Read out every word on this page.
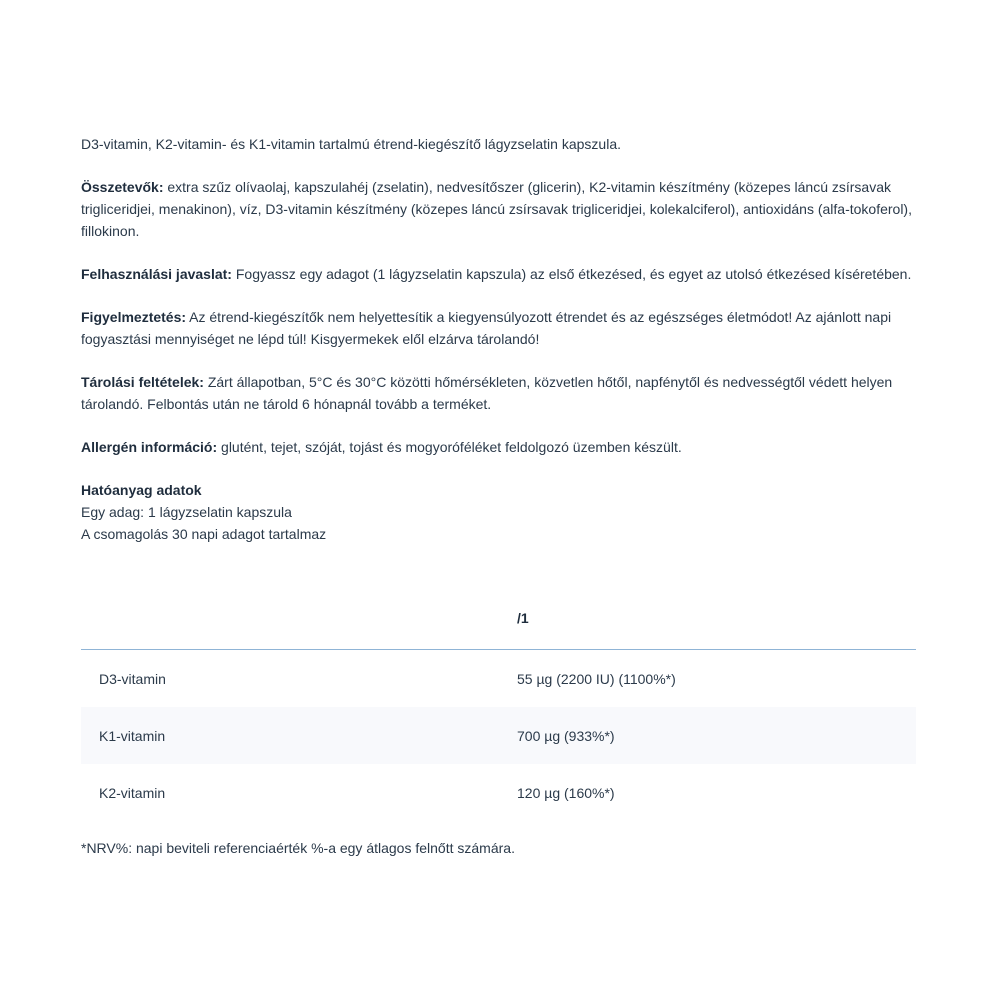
D3-vitamin, K2-vitamin- és K1-vitamin tartalmú étrend-kiegészítő lágyzselatin kapszula.

Összetevők: extra szűz olívaolaj, kapszulahéj (zselatin), nedvesítőszer (glicerin), K2-vitamin készítmény (közepes láncú zsírsavak trigliceridjei, menakinon), víz, D3-vitamin készítmény (közepes láncú zsírsavak trigliceridjei, kolekalciferol), antioxidáns (alfa-tokoferol), fillokinon.

Felhasználási javaslat: Fogyassz egy adagot (1 lágyzselatin kapszula) az első étkezésed, és egyet az utolsó étkezésed kíséretében.

Figyelmeztetés: Az étrend-kiegészítők nem helyettesítik a kiegyensúlyozott étrendet és az egészséges életmódot! Az ajánlott napi fogyasztási mennyiséget ne lépd túl! Kisgyermekek elől elzárva tárolandó!

Tárolási feltételek: Zárt állapotban, 5°C és 30°C közötti hőmérsékleten, közvetlen hőtől, napfénytől és nedvességtől védett helyen tárolandó. Felbontás után ne tárold 6 hónapnál tovább a terméket.

Allergén információ: glutént, tejet, szóját, tojást és mogyoróféléket feldolgozó üzemben készült.

Hatóanyag adatok

Egy adag: 1 lágyzselatin kapszula

A csomagolás 30 napi adagot tartalmaz

/1
D3-vitamin	55 µg (2200 IU) (1100%*)
K1-vitamin	700 µg (933%*)
K2-vitamin	120 µg (160%*)

*NRV%: napi beviteli referenciaérték %-a egy átlagos felnőtt számára.
